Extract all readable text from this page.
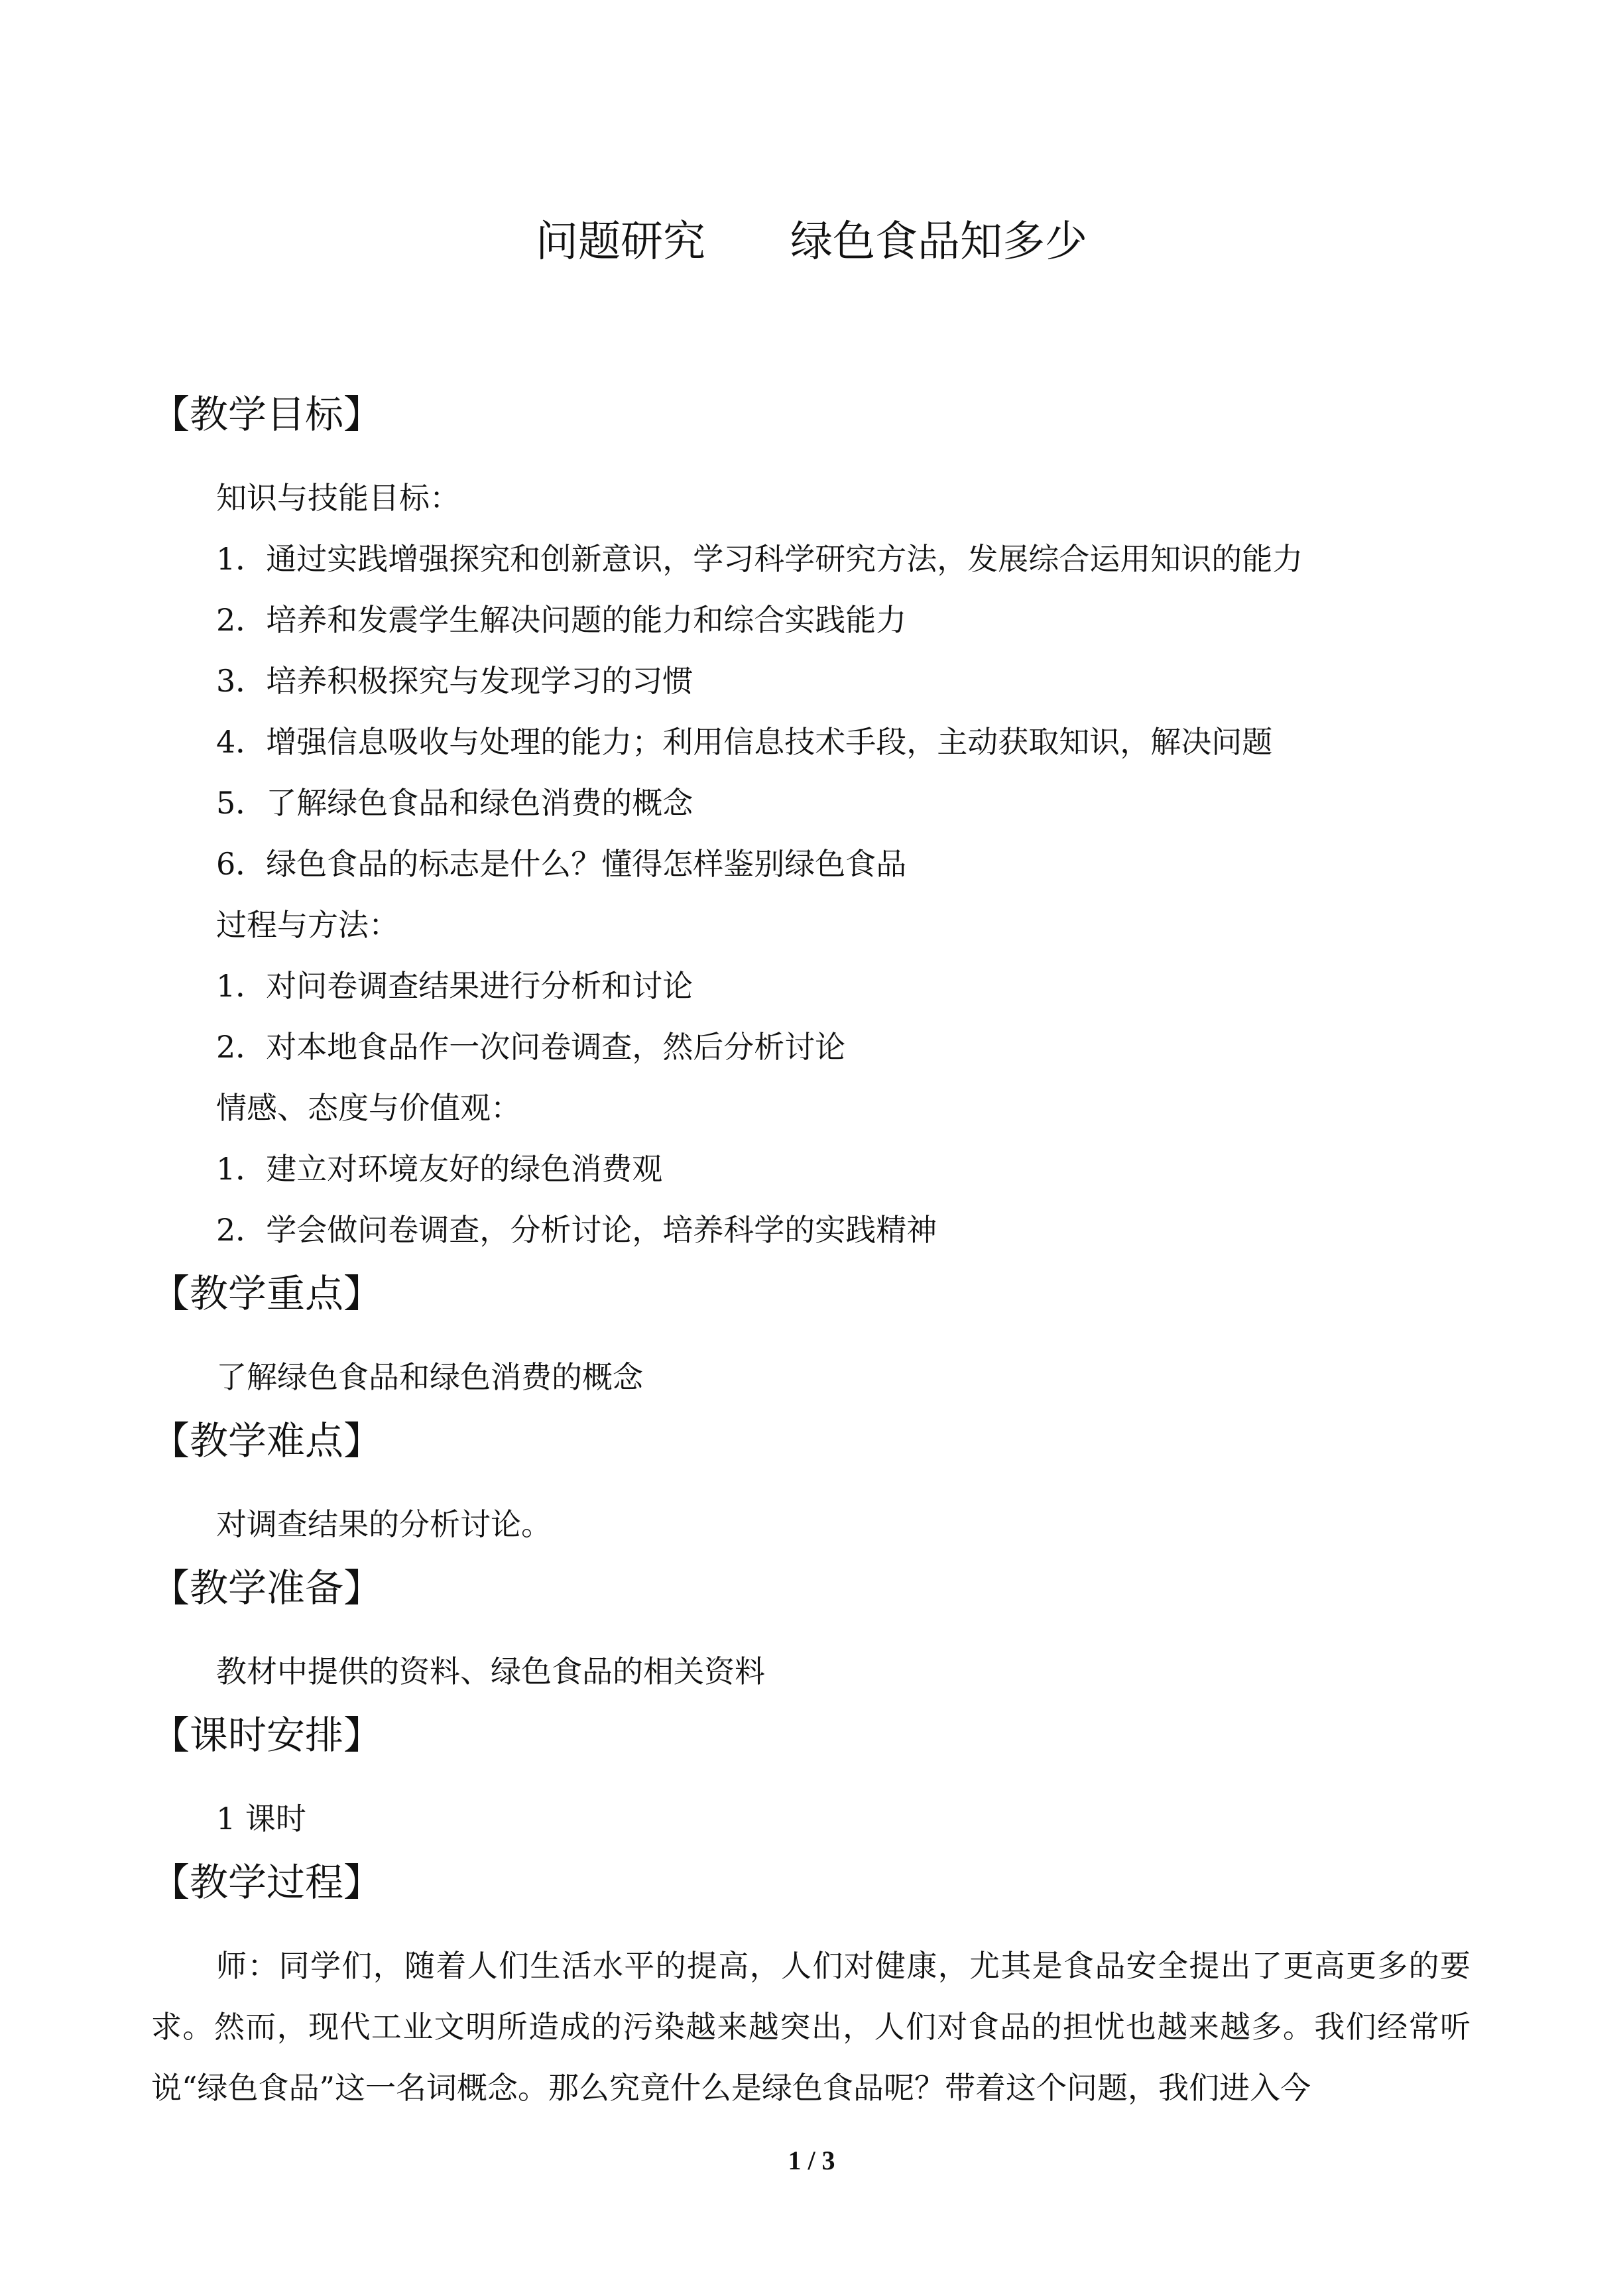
问题研究　　绿色食品知多少
【教学目标】
知识与技能目标：
1．通过实践增强探究和创新意识，学习科学研究方法，发展综合运用知识的能力
2．培养和发震学生解决问题的能力和综合实践能力
3．培养积极探究与发现学习的习惯
4．增强信息吸收与处理的能力；利用信息技术手段，主动获取知识，解决问题
5．了解绿色食品和绿色消费的概念
6．绿色食品的标志是什么？懂得怎样鉴别绿色食品
过程与方法：
1．对问卷调查结果进行分析和讨论
2．对本地食品作一次问卷调查，然后分析讨论
情感、态度与价值观：
1．建立对环境友好的绿色消费观
2．学会做问卷调查，分析讨论，培养科学的实践精神
【教学重点】
了解绿色食品和绿色消费的概念
【教学难点】
对调查结果的分析讨论。
【教学准备】
教材中提供的资料、绿色食品的相关资料
【课时安排】
1 课时
【教学过程】

师：同学们，随着人们生活水平的提高，人们对健康，尤其是食品安全提出了更高更多的要求。然而，现代工业文明所造成的污染越来越突出，人们对食品的担忧也越来越多。我们经常听说“绿色食品”这一名词概念。那么究竟什么是绿色食品呢？带着这个问题，我们进入今

1 / 3
